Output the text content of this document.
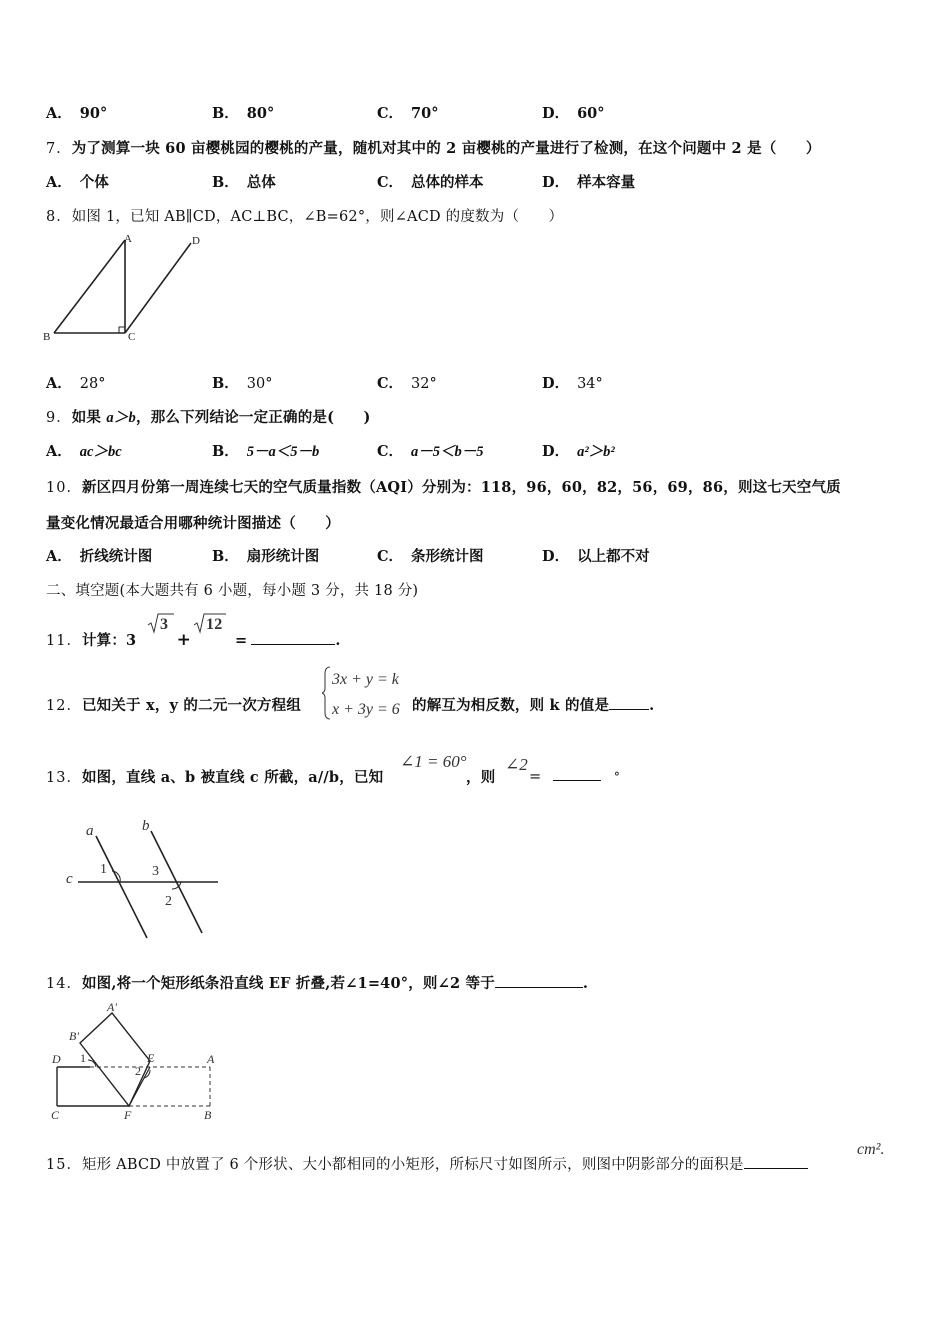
A． 90°	B． 80°	C． 70°	D． 60°
7．为了测算一块 60 亩樱桃园的樱桃的产量，随机对其中的 2 亩樱桃的产量进行了检测，在这个问题中 2 是（　　）
A． 个体	B． 总体	C． 总体的样本	D． 样本容量
8．如图 1，已知 AB∥CD，AC⊥BC，∠B=62°，则∠ACD 的度数为（　　）
A
B	C
D
A． 28°	B． 30°	C． 32°	D． 34°
9．如果 a＞b，那么下列结论一定正确的是(　　)
A． ac＞bc	B． 5－a＜5－b	C． a－5＜b－5	D． a²＞b²
10．新区四月份第一周连续七天的空气质量指数（AQI）分别为：118，96，60，82，56，69，86，则这七天空气质
量变化情况最适合用哪种统计图描述（　　）
A． 折线统计图	B． 扇形统计图	C． 条形统计图	D． 以上都不对
二、填空题(本大题共有 6 小题，每小题 3 分，共 18 分)
11．计算：3
3
+
12
=	.
12．已知关于 x，y 的二元一次方程组
3x + y = k
x + 3y = 6 的解互为相反数，则 k 的值是	.
13．如图，直线 a、b 被直线 c 所截，a//b，已知
∠1 = 60°
，则
∠2
=	°
a	b
c
1	3
2
14．如图,将一个矩形纸条沿直线 EF 折叠,若∠1=40°，则∠2 等于	.
A'
B'
D 1	E
2
A
C	F	B
15．矩形 ABCD 中放置了 6 个形状、大小都相同的小矩形，所标尺寸如图所示，则图中阴影部分的面积是
cm².
